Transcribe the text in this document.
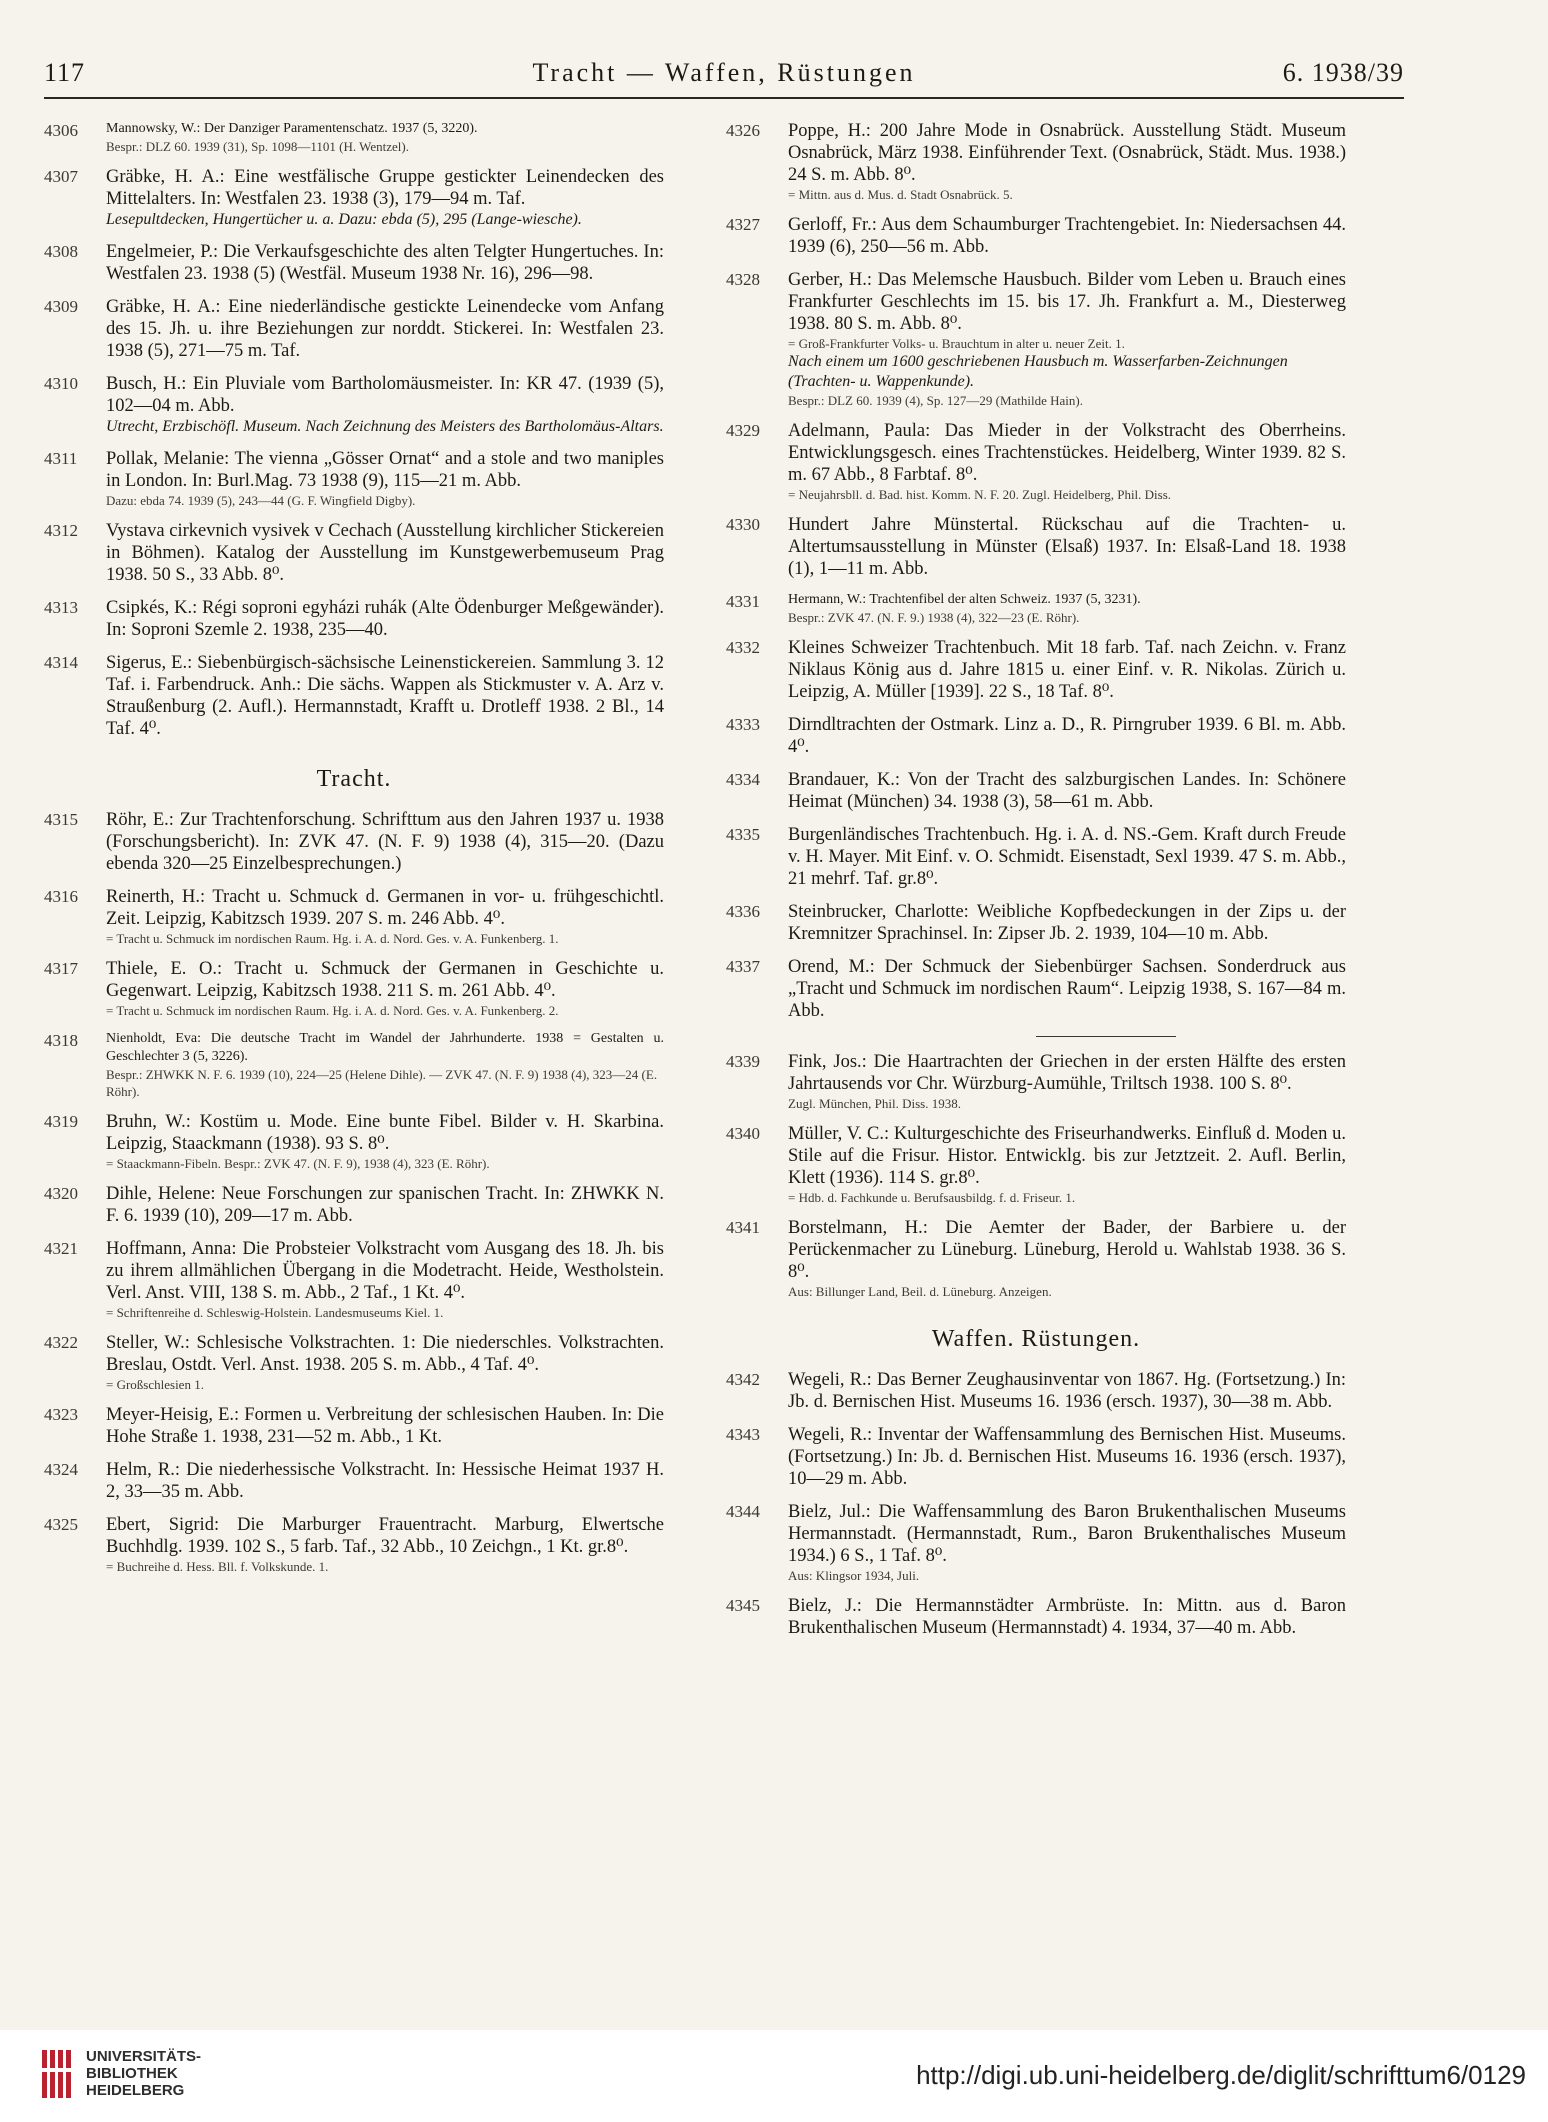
117	Tracht — Waffen, Rüstungen	6. 1938/39
4306 Mannowsky, W.: Der Danziger Paramentenschatz. 1937 (5, 3220).
Bespr.: DLZ 60. 1939 (31), Sp. 1098—1101 (H. Wentzel).
4307 Gräbke, H. A.: Eine westfälische Gruppe gestickter Leinendecken des Mittelalters. In: Westfalen 23. 1938 (3), 179—94 m. Taf.
Lesepultdecken, Hungertücher u. a. Dazu: ebda (5), 295 (Lange-wiesche).
4308 Engelmeier, P.: Die Verkaufsgeschichte des alten Telgter Hungertuches. In: Westfalen 23. 1938 (5) (Westfäl. Museum 1938 Nr. 16), 296—98.
4309 Gräbke, H. A.: Eine niederländische gestickte Leinendecke vom Anfang des 15. Jh. u. ihre Beziehungen zur norddt. Stickerei. In: Westfalen 23. 1938 (5), 271—75 m. Taf.
4310 Busch, H.: Ein Pluviale vom Bartholomäusmeister. In: KR 47. (1939 (5), 102—04 m. Abb.
Utrecht, Erzbischöfl. Museum. Nach Zeichnung des Meisters des Bartholomäus-Altars.
4311 Pollak, Melanie: The vienna „Gösser Ornat“ and a stole and two maniples in London. In: Burl.Mag. 73 1938 (9), 115—21 m. Abb.
Dazu: ebda 74. 1939 (5), 243—44 (G. F. Wingfield Digby).
4312 Vystava cirkevnich vysivek v Cechach (Ausstellung kirchlicher Stickereien in Böhmen). Katalog der Ausstellung im Kunstgewerbemuseum Prag 1938. 50 S., 33 Abb. 8⁰.
4313 Csipkés, K.: Régi soproni egyházi ruhák (Alte Ödenburger Meßgewänder). In: Soproni Szemle 2. 1938, 235—40.
4314 Sigerus, E.: Siebenbürgisch-sächsische Leinenstickereien. Sammlung 3. 12 Taf. i. Farbendruck. Anh.: Die sächs. Wappen als Stickmuster v. A. Arz v. Straußenburg (2. Aufl.). Hermannstadt, Krafft u. Drotleff 1938. 2 Bl., 14 Taf. 4⁰.
Tracht.
4315 Röhr, E.: Zur Trachtenforschung. Schrifttum aus den Jahren 1937 u. 1938 (Forschungsbericht). In: ZVK 47. (N. F. 9) 1938 (4), 315—20. (Dazu ebenda 320—25 Einzelbesprechungen.)
4316 Reinerth, H.: Tracht u. Schmuck d. Germanen in vor- u. frühgeschichtl. Zeit. Leipzig, Kabitzsch 1939. 207 S. m. 246 Abb. 4⁰.
= Tracht u. Schmuck im nordischen Raum. Hg. i. A. d. Nord. Ges. v. A. Funkenberg. 1.
4317 Thiele, E. O.: Tracht u. Schmuck der Germanen in Geschichte u. Gegenwart. Leipzig, Kabitzsch 1938. 211 S. m. 261 Abb. 4⁰.
= Tracht u. Schmuck im nordischen Raum. Hg. i. A. d. Nord. Ges. v. A. Funkenberg. 2.
4318 Nienholdt, Eva: Die deutsche Tracht im Wandel der Jahrhunderte. 1938 = Gestalten u. Geschlechter 3 (5, 3226).
Bespr.: ZHWKK N. F. 6. 1939 (10), 224—25 (Helene Dihle). — ZVK 47. (N. F. 9) 1938 (4), 323—24 (E. Röhr).
4319 Bruhn, W.: Kostüm u. Mode. Eine bunte Fibel. Bilder v. H. Skarbina. Leipzig, Staackmann (1938). 93 S. 8⁰.
= Staackmann-Fibeln. Bespr.: ZVK 47. (N. F. 9), 1938 (4), 323 (E. Röhr).
4320 Dihle, Helene: Neue Forschungen zur spanischen Tracht. In: ZHWKK N. F. 6. 1939 (10), 209—17 m. Abb.
4321 Hoffmann, Anna: Die Probsteier Volkstracht vom Ausgang des 18. Jh. bis zu ihrem allmählichen Übergang in die Modetracht. Heide, Westholstein. Verl. Anst. VIII, 138 S. m. Abb., 2 Taf., 1 Kt. 4⁰.
= Schriftenreihe d. Schleswig-Holstein. Landesmuseums Kiel. 1.
4322 Steller, W.: Schlesische Volkstrachten. 1: Die niederschles. Volkstrachten. Breslau, Ostdt. Verl. Anst. 1938. 205 S. m. Abb., 4 Taf. 4⁰.
= Großschlesien 1.
4323 Meyer-Heisig, E.: Formen u. Verbreitung der schlesischen Hauben. In: Die Hohe Straße 1. 1938, 231—52 m. Abb., 1 Kt.
4324 Helm, R.: Die niederhessische Volkstracht. In: Hessische Heimat 1937 H. 2, 33—35 m. Abb.
4325 Ebert, Sigrid: Die Marburger Frauentracht. Marburg, Elwertsche Buchhdlg. 1939. 102 S., 5 farb. Taf., 32 Abb., 10 Zeichgn., 1 Kt. gr.8⁰.
= Buchreihe d. Hess. Bll. f. Volkskunde. 1.
4326 Poppe, H.: 200 Jahre Mode in Osnabrück. Ausstellung Städt. Museum Osnabrück, März 1938. Einführender Text. (Osnabrück, Städt. Mus. 1938.) 24 S. m. Abb. 8⁰.
= Mittn. aus d. Mus. d. Stadt Osnabrück. 5.
4327 Gerloff, Fr.: Aus dem Schaumburger Trachtengebiet. In: Niedersachsen 44. 1939 (6), 250—56 m. Abb.
4328 Gerber, H.: Das Melemsche Hausbuch. Bilder vom Leben u. Brauch eines Frankfurter Geschlechts im 15. bis 17. Jh. Frankfurt a. M., Diesterweg 1938. 80 S. m. Abb. 8⁰.
= Groß-Frankfurter Volks- u. Brauchtum in alter u. neuer Zeit. 1.
Nach einem um 1600 geschriebenen Hausbuch m. Wasserfarben-Zeichnungen (Trachten- u. Wappenkunde).
Bespr.: DLZ 60. 1939 (4), Sp. 127—29 (Mathilde Hain).
4329 Adelmann, Paula: Das Mieder in der Volkstracht des Oberrheins. Entwicklungsgesch. eines Trachtenstückes. Heidelberg, Winter 1939. 82 S. m. 67 Abb., 8 Farbtaf. 8⁰.
= Neujahrsbll. d. Bad. hist. Komm. N. F. 20. Zugl. Heidelberg, Phil. Diss.
4330 Hundert Jahre Münstertal. Rückschau auf die Trachten- u. Altertumsausstellung in Münster (Elsaß) 1937. In: Elsaß-Land 18. 1938 (1), 1—11 m. Abb.
4331 Hermann, W.: Trachtenfibel der alten Schweiz. 1937 (5, 3231).
Bespr.: ZVK 47. (N. F. 9.) 1938 (4), 322—23 (E. Röhr).
4332 Kleines Schweizer Trachtenbuch. Mit 18 farb. Taf. nach Zeichn. v. Franz Niklaus König aus d. Jahre 1815 u. einer Einf. v. R. Nikolas. Zürich u. Leipzig, A. Müller [1939]. 22 S., 18 Taf. 8⁰.
4333 Dirndltrachten der Ostmark. Linz a. D., R. Pirngruber 1939. 6 Bl. m. Abb. 4⁰.
4334 Brandauer, K.: Von der Tracht des salzburgischen Landes. In: Schönere Heimat (München) 34. 1938 (3), 58—61 m. Abb.
4335 Burgenländisches Trachtenbuch. Hg. i. A. d. NS.-Gem. Kraft durch Freude v. H. Mayer. Mit Einf. v. O. Schmidt. Eisenstadt, Sexl 1939. 47 S. m. Abb., 21 mehrf. Taf. gr.8⁰.
4336 Steinbrucker, Charlotte: Weibliche Kopfbedeckungen in der Zips u. der Kremnitzer Sprachinsel. In: Zipser Jb. 2. 1939, 104—10 m. Abb.
4337 Orend, M.: Der Schmuck der Siebenbürger Sachsen. Sonderdruck aus „Tracht und Schmuck im nordischen Raum“. Leipzig 1938, S. 167—84 m. Abb.
4339 Fink, Jos.: Die Haartrachten der Griechen in der ersten Hälfte des ersten Jahrtausends vor Chr. Würzburg-Aumühle, Triltsch 1938. 100 S. 8⁰.
Zugl. München, Phil. Diss. 1938.
4340 Müller, V. C.: Kulturgeschichte des Friseurhandwerks. Einfluß d. Moden u. Stile auf die Frisur. Histor. Entwicklg. bis zur Jetztzeit. 2. Aufl. Berlin, Klett (1936). 114 S. gr.8⁰.
= Hdb. d. Fachkunde u. Berufsausbildg. f. d. Friseur. 1.
4341 Borstelmann, H.: Die Aemter der Bader, der Barbiere u. der Perückenmacher zu Lüneburg. Lüneburg, Herold u. Wahlstab 1938. 36 S. 8⁰.
Aus: Billunger Land, Beil. d. Lüneburg. Anzeigen.
Waffen. Rüstungen.
4342 Wegeli, R.: Das Berner Zeughausinventar von 1867. Hg. (Fortsetzung.) In: Jb. d. Bernischen Hist. Museums 16. 1936 (ersch. 1937), 30—38 m. Abb.
4343 Wegeli, R.: Inventar der Waffensammlung des Bernischen Hist. Museums. (Fortsetzung.) In: Jb. d. Bernischen Hist. Museums 16. 1936 (ersch. 1937), 10—29 m. Abb.
4344 Bielz, Jul.: Die Waffensammlung des Baron Brukenthalischen Museums Hermannstadt. (Hermannstadt, Rum., Baron Brukenthalisches Museum 1934.) 6 S., 1 Taf. 8⁰.
Aus: Klingsor 1934, Juli.
4345 Bielz, J.: Die Hermannstädter Armbrüste. In: Mittn. aus d. Baron Brukenthalischen Museum (Hermannstadt) 4. 1934, 37—40 m. Abb.
UNIVERSITÄTS-
BIBLIOTHEK
HEIDELBERG
http://digi.ub.uni-heidelberg.de/diglit/schrifttum6/0129
